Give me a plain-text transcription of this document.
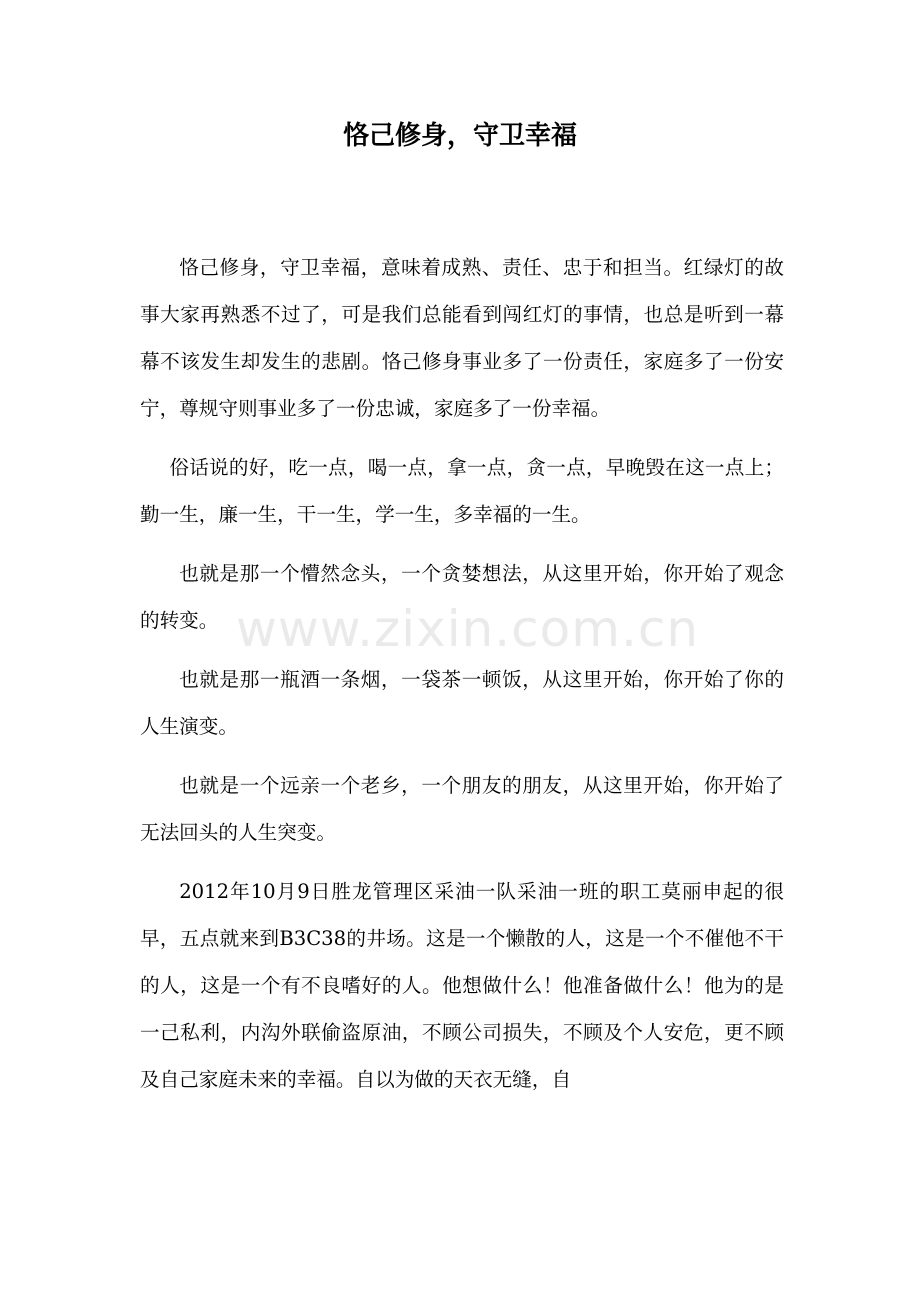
恪己修身，守卫幸福

恪己修身，守卫幸福，意味着成熟、责任、忠于和担当。红绿灯的故事大家再熟悉不过了，可是我们总能看到闯红灯的事情，也总是听到一幕幕不该发生却发生的悲剧。恪己修身事业多了一份责任，家庭多了一份安宁，尊规守则事业多了一份忠诚，家庭多了一份幸福。

俗话说的好，吃一点，喝一点，拿一点，贪一点，早晚毁在这一点上；勤一生，廉一生，干一生，学一生，多幸福的一生。

也就是那一个懵然念头，一个贪婪想法，从这里开始，你开始了观念的转变。

也就是那一瓶酒一条烟，一袋茶一顿饭，从这里开始，你开始了你的人生演变。

也就是一个远亲一个老乡，一个朋友的朋友，从这里开始，你开始了无法回头的人生突变。

2012年10月9日胜龙管理区采油一队采油一班的职工莫丽申起的很早，五点就来到B3C38的井场。这是一个懒散的人，这是一个不催他不干的人，这是一个有不良嗜好的人。他想做什么！他准备做什么！他为的是一己私利，内沟外联偷盗原油，不顾公司损失，不顾及个人安危，更不顾及自己家庭未来的幸福。自以为做的天衣无缝，自

www.zixin.com.cn
